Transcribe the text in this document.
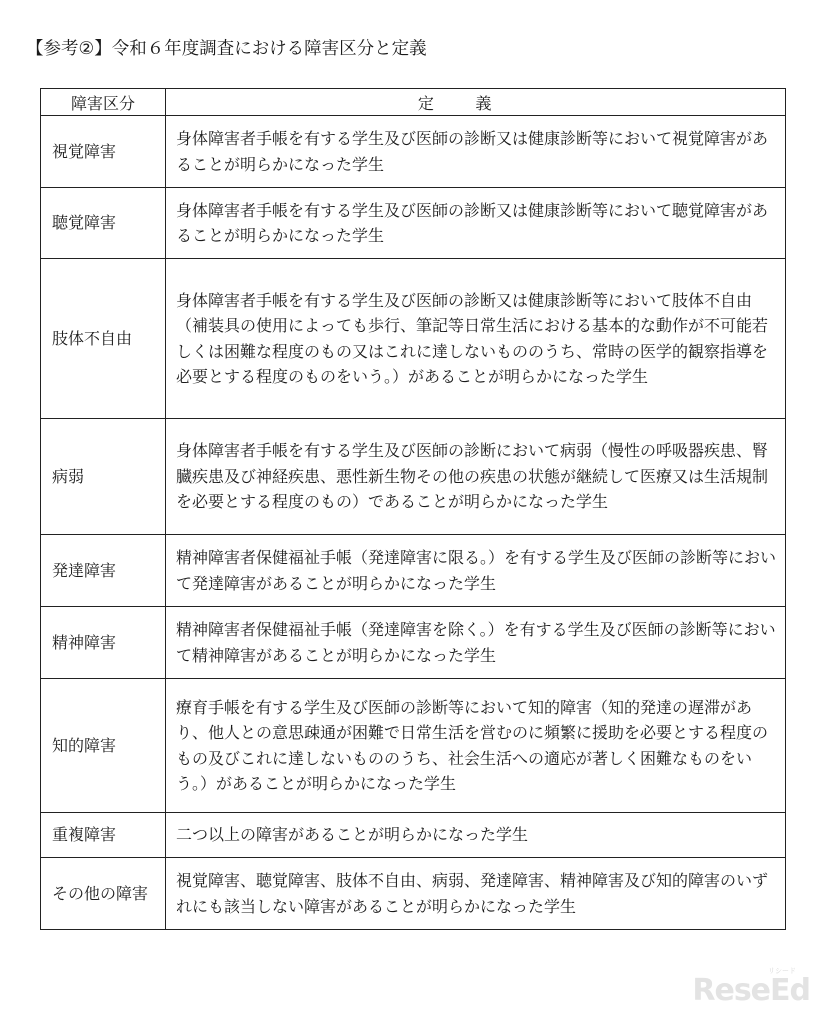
【参考②】令和６年度調査における障害区分と定義
障害区分	定義
視覚障害	身体障害者手帳を有する学生及び医師の診断又は健康診断等において視覚障害があることが明らかになった学生
聴覚障害	身体障害者手帳を有する学生及び医師の診断又は健康診断等において聴覚障害があることが明らかになった学生
肢体不自由	身体障害者手帳を有する学生及び医師の診断又は健康診断等において肢体不自由（補装具の使用によっても歩行、筆記等日常生活における基本的な動作が不可能若しくは困難な程度のもの又はこれに達しないもののうち、常時の医学的観察指導を必要とする程度のものをいう。）があることが明らかになった学生
病弱	身体障害者手帳を有する学生及び医師の診断において病弱（慢性の呼吸器疾患、腎臓疾患及び神経疾患、悪性新生物その他の疾患の状態が継続して医療又は生活規制を必要とする程度のもの）であることが明らかになった学生
発達障害	精神障害者保健福祉手帳（発達障害に限る。）を有する学生及び医師の診断等において発達障害があることが明らかになった学生
精神障害	精神障害者保健福祉手帳（発達障害を除く。）を有する学生及び医師の診断等において精神障害があることが明らかになった学生
知的障害	療育手帳を有する学生及び医師の診断等において知的障害（知的発達の遅滞があり、他人との意思疎通が困難で日常生活を営むのに頻繁に援助を必要とする程度のもの及びこれに達しないもののうち、社会生活への適応が著しく困難なものをいう。）があることが明らかになった学生
重複障害	二つ以上の障害があることが明らかになった学生
その他の障害	視覚障害、聴覚障害、肢体不自由、病弱、発達障害、精神障害及び知的障害のいずれにも該当しない障害があることが明らかになった学生
リシード
ReseEd
